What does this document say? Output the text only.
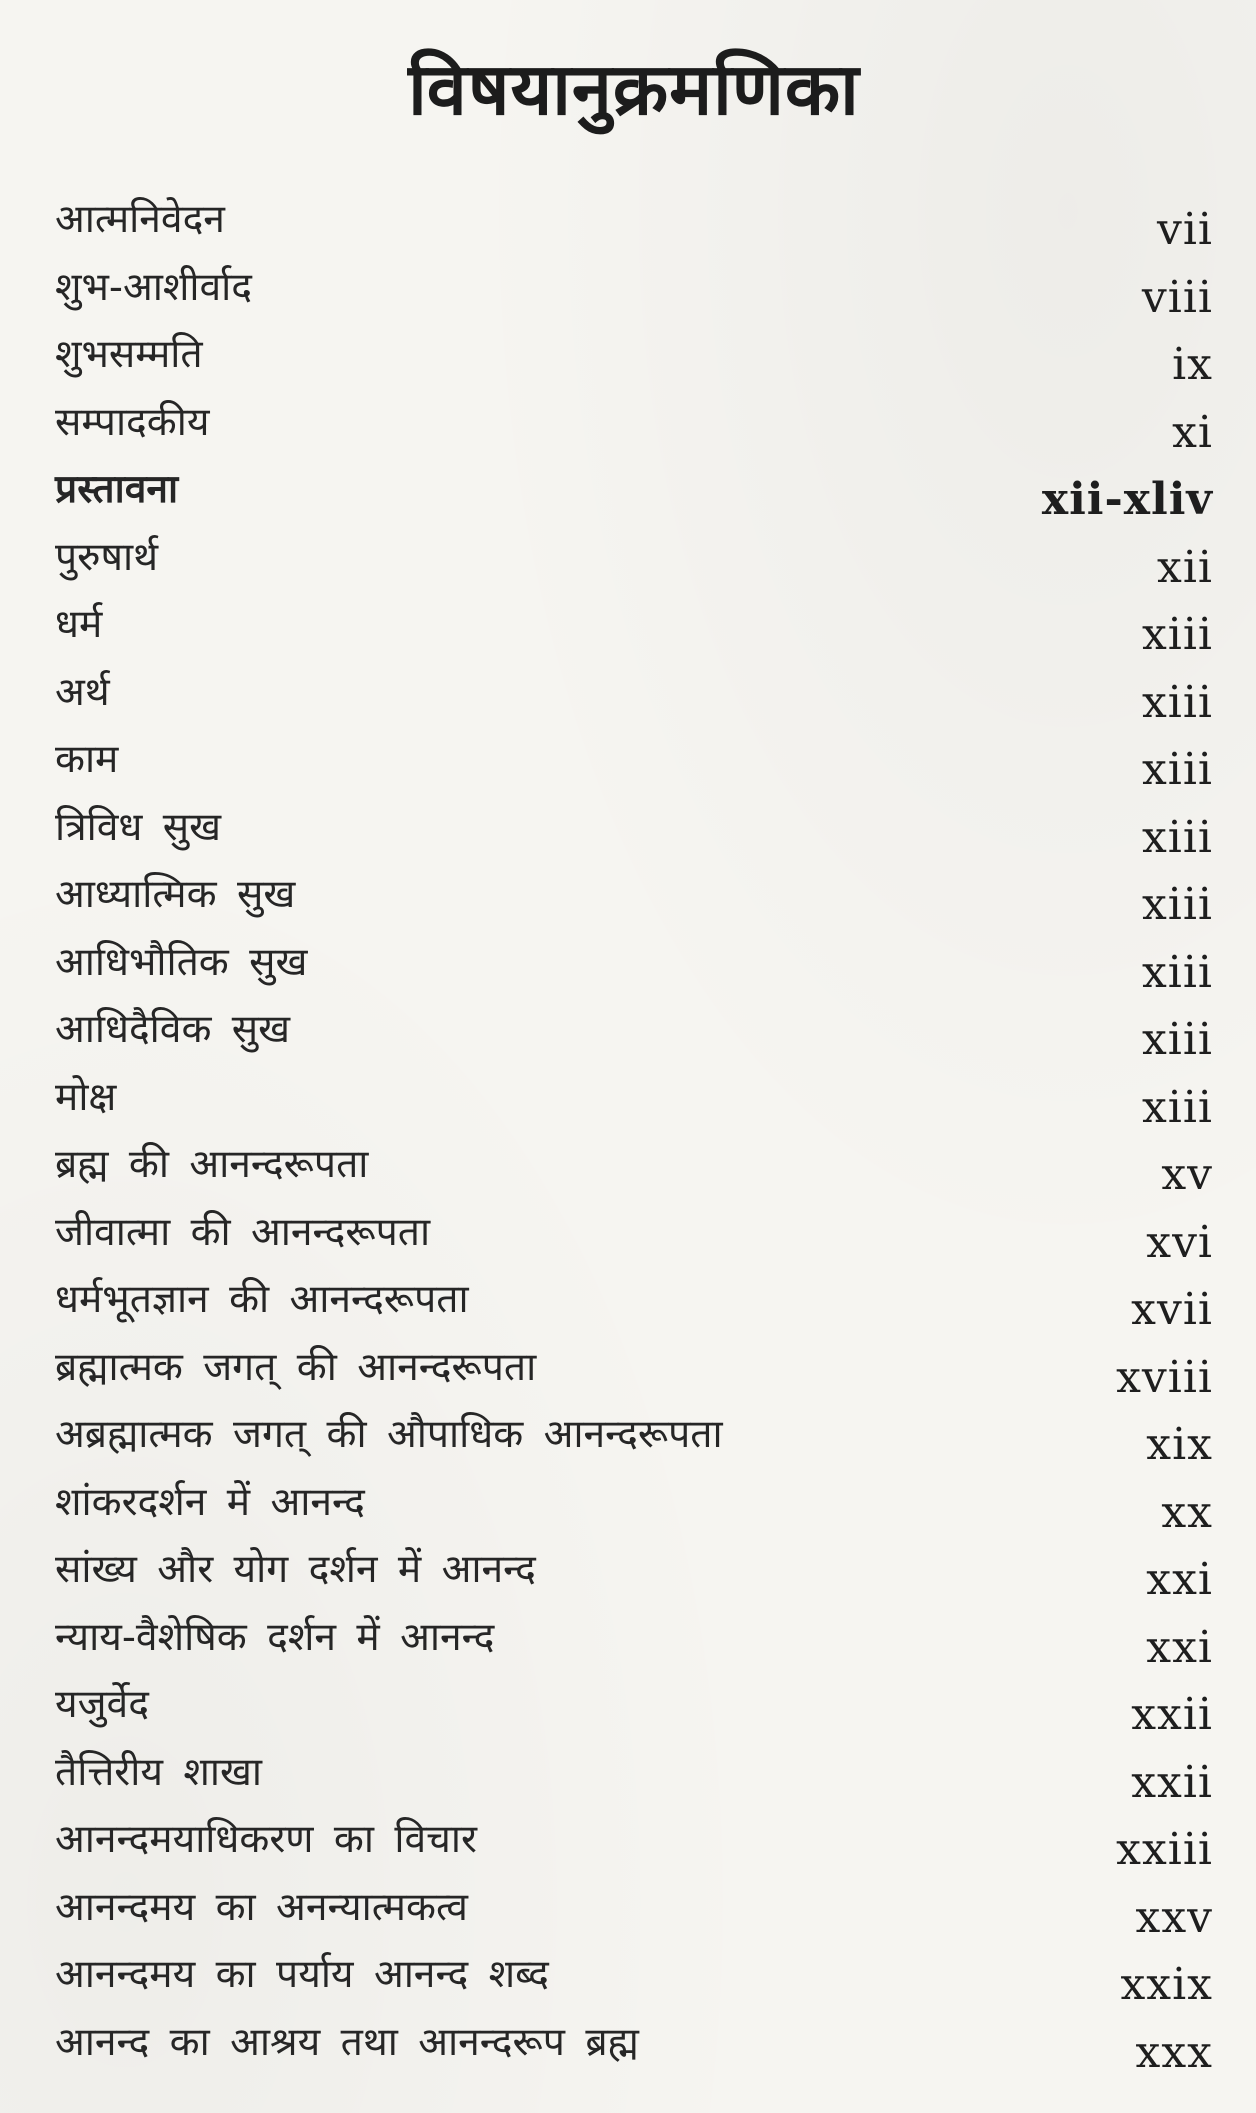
विषयानुक्रमणिका
आत्मनिवेदन	vii
शुभ-आशीर्वाद	viii
शुभसम्मति	ix
सम्पादकीय	xi
प्रस्तावना	xii-xliv
पुरुषार्थ	xii
धर्म	xiii
अर्थ	xiii
काम	xiii
त्रिविध सुख	xiii
आध्यात्मिक सुख	xiii
आधिभौतिक सुख	xiii
आधिदैविक सुख	xiii
मोक्ष	xiii
ब्रह्म की आनन्दरूपता	xv
जीवात्मा की आनन्दरूपता	xvi
धर्मभूतज्ञान की आनन्दरूपता	xvii
ब्रह्मात्मक जगत् की आनन्दरूपता	xviii
अब्रह्मात्मक जगत् की औपाधिक आनन्दरूपता	xix
शांकरदर्शन में आनन्द	xx
सांख्य और योग दर्शन में आनन्द	xxi
न्याय-वैशेषिक दर्शन में आनन्द	xxi
यजुर्वेद	xxii
तैत्तिरीय शाखा	xxii
आनन्दमयाधिकरण का विचार	xxiii
आनन्दमय का अनन्यात्मकत्व	xxv
आनन्दमय का पर्याय आनन्द शब्द	xxix
आनन्द का आश्रय तथा आनन्दरूप ब्रह्म	xxx
